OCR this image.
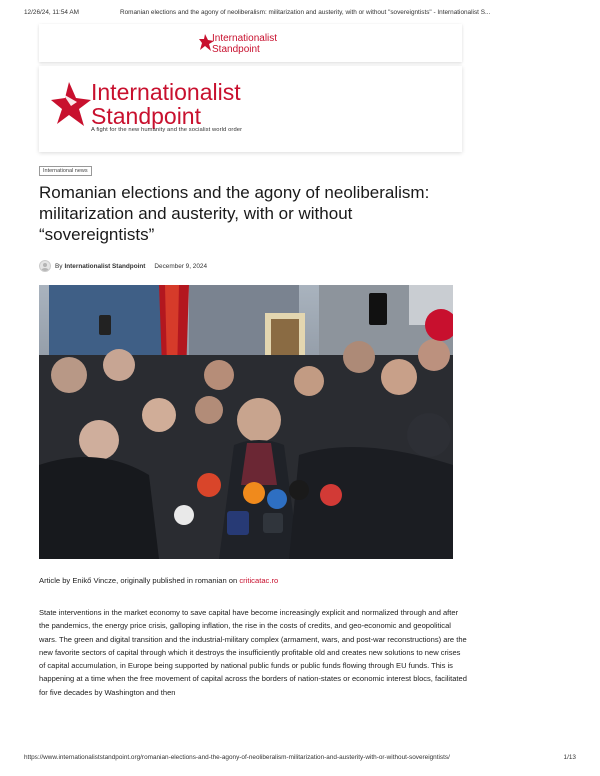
12/26/24, 11:54 AM	Romanian elections and the agony of neoliberalism: militarization and austerity, with or without "sovereigntists" - Internationalist S...
Internationalist
Standpoint
Internationalist
Standpoint
A fight for the new humanity and the socialist world order
International news
Romanian elections and the agony of neoliberalism: militarization and austerity, with or without “sovereigntists”
By Internationalist Standpoint December 9, 2024
Article by Enikő Vincze, originally published in romanian on criticatac.ro

State interventions in the market economy to save capital have become increasingly explicit and normalized through and after the pandemics, the energy price crisis, galloping inflation, the rise in the costs of credits, and geo-economic and geopolitical wars. The green and digital transition and the industrial-military complex (armament, wars, and post-war reconstructions) are the new favorite sectors of capital through which it destroys the insufficiently profitable old and creates new solutions to new crises of capital accumulation, in Europe being supported by national public funds or public funds flowing through EU funds. This is happening at a time when the free movement of capital across the borders of nation-states or economic interest blocs, facilitated for five decades by Washington and then

https://www.internationaliststandpoint.org/romanian-elections-and-the-agony-of-neoliberalism-militarization-and-austerity-with-or-without-sovereigntists/	1/13
